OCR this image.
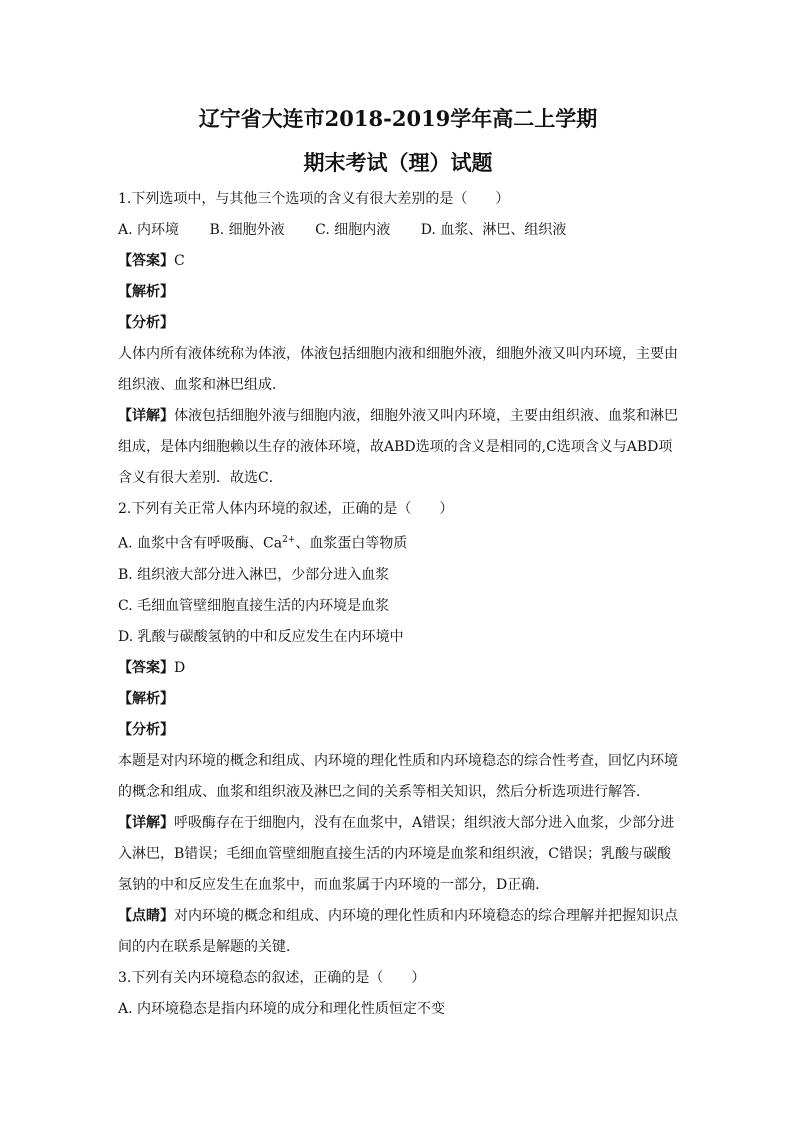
辽宁省大连市2018-2019学年高二上学期

期末考试（理）试题

1.下列选项中，与其他三个选项的含义有很大差别的是（　　）

A. 内环境 B. 细胞外液 C. 细胞内液 D. 血浆、淋巴、组织液

【答案】C

【解析】

【分析】

人体内所有液体统称为体液，体液包括细胞内液和细胞外液，细胞外液又叫内环境，主要由组织液、血浆和淋巴组成．

【详解】体液包括细胞外液与细胞内液，细胞外液又叫内环境，主要由组织液、血浆和淋巴组成，是体内细胞赖以生存的液体环境，故ABD选项的含义是相同的,C选项含义与ABD项含义有很大差别．故选C．

2.下列有关正常人体内环境的叙述，正确的是（　　）

A. 血浆中含有呼吸酶、$Ca^{2+}$、血浆蛋白等物质

B. 组织液大部分进入淋巴，少部分进入血浆

C. 毛细血管壁细胞直接生活的内环境是血浆

D. 乳酸与碳酸氢钠的中和反应发生在内环境中

【答案】D

【解析】

【分析】

本题是对内环境的概念和组成、内环境的理化性质和内环境稳态的综合性考查，回忆内环境的概念和组成、血浆和组织液及淋巴之间的关系等相关知识，然后分析选项进行解答．

【详解】呼吸酶存在于细胞内，没有在血浆中，A错误；组织液大部分进入血浆，少部分进入淋巴，B错误；毛细血管壁细胞直接生活的内环境是血浆和组织液，C错误；乳酸与碳酸氢钠的中和反应发生在血浆中，而血浆属于内环境的一部分，D正确．

【点睛】对内环境的概念和组成、内环境的理化性质和内环境稳态的综合理解并把握知识点间的内在联系是解题的关键．

3.下列有关内环境稳态的叙述，正确的是（　　）

A. 内环境稳态是指内环境的成分和理化性质恒定不变
